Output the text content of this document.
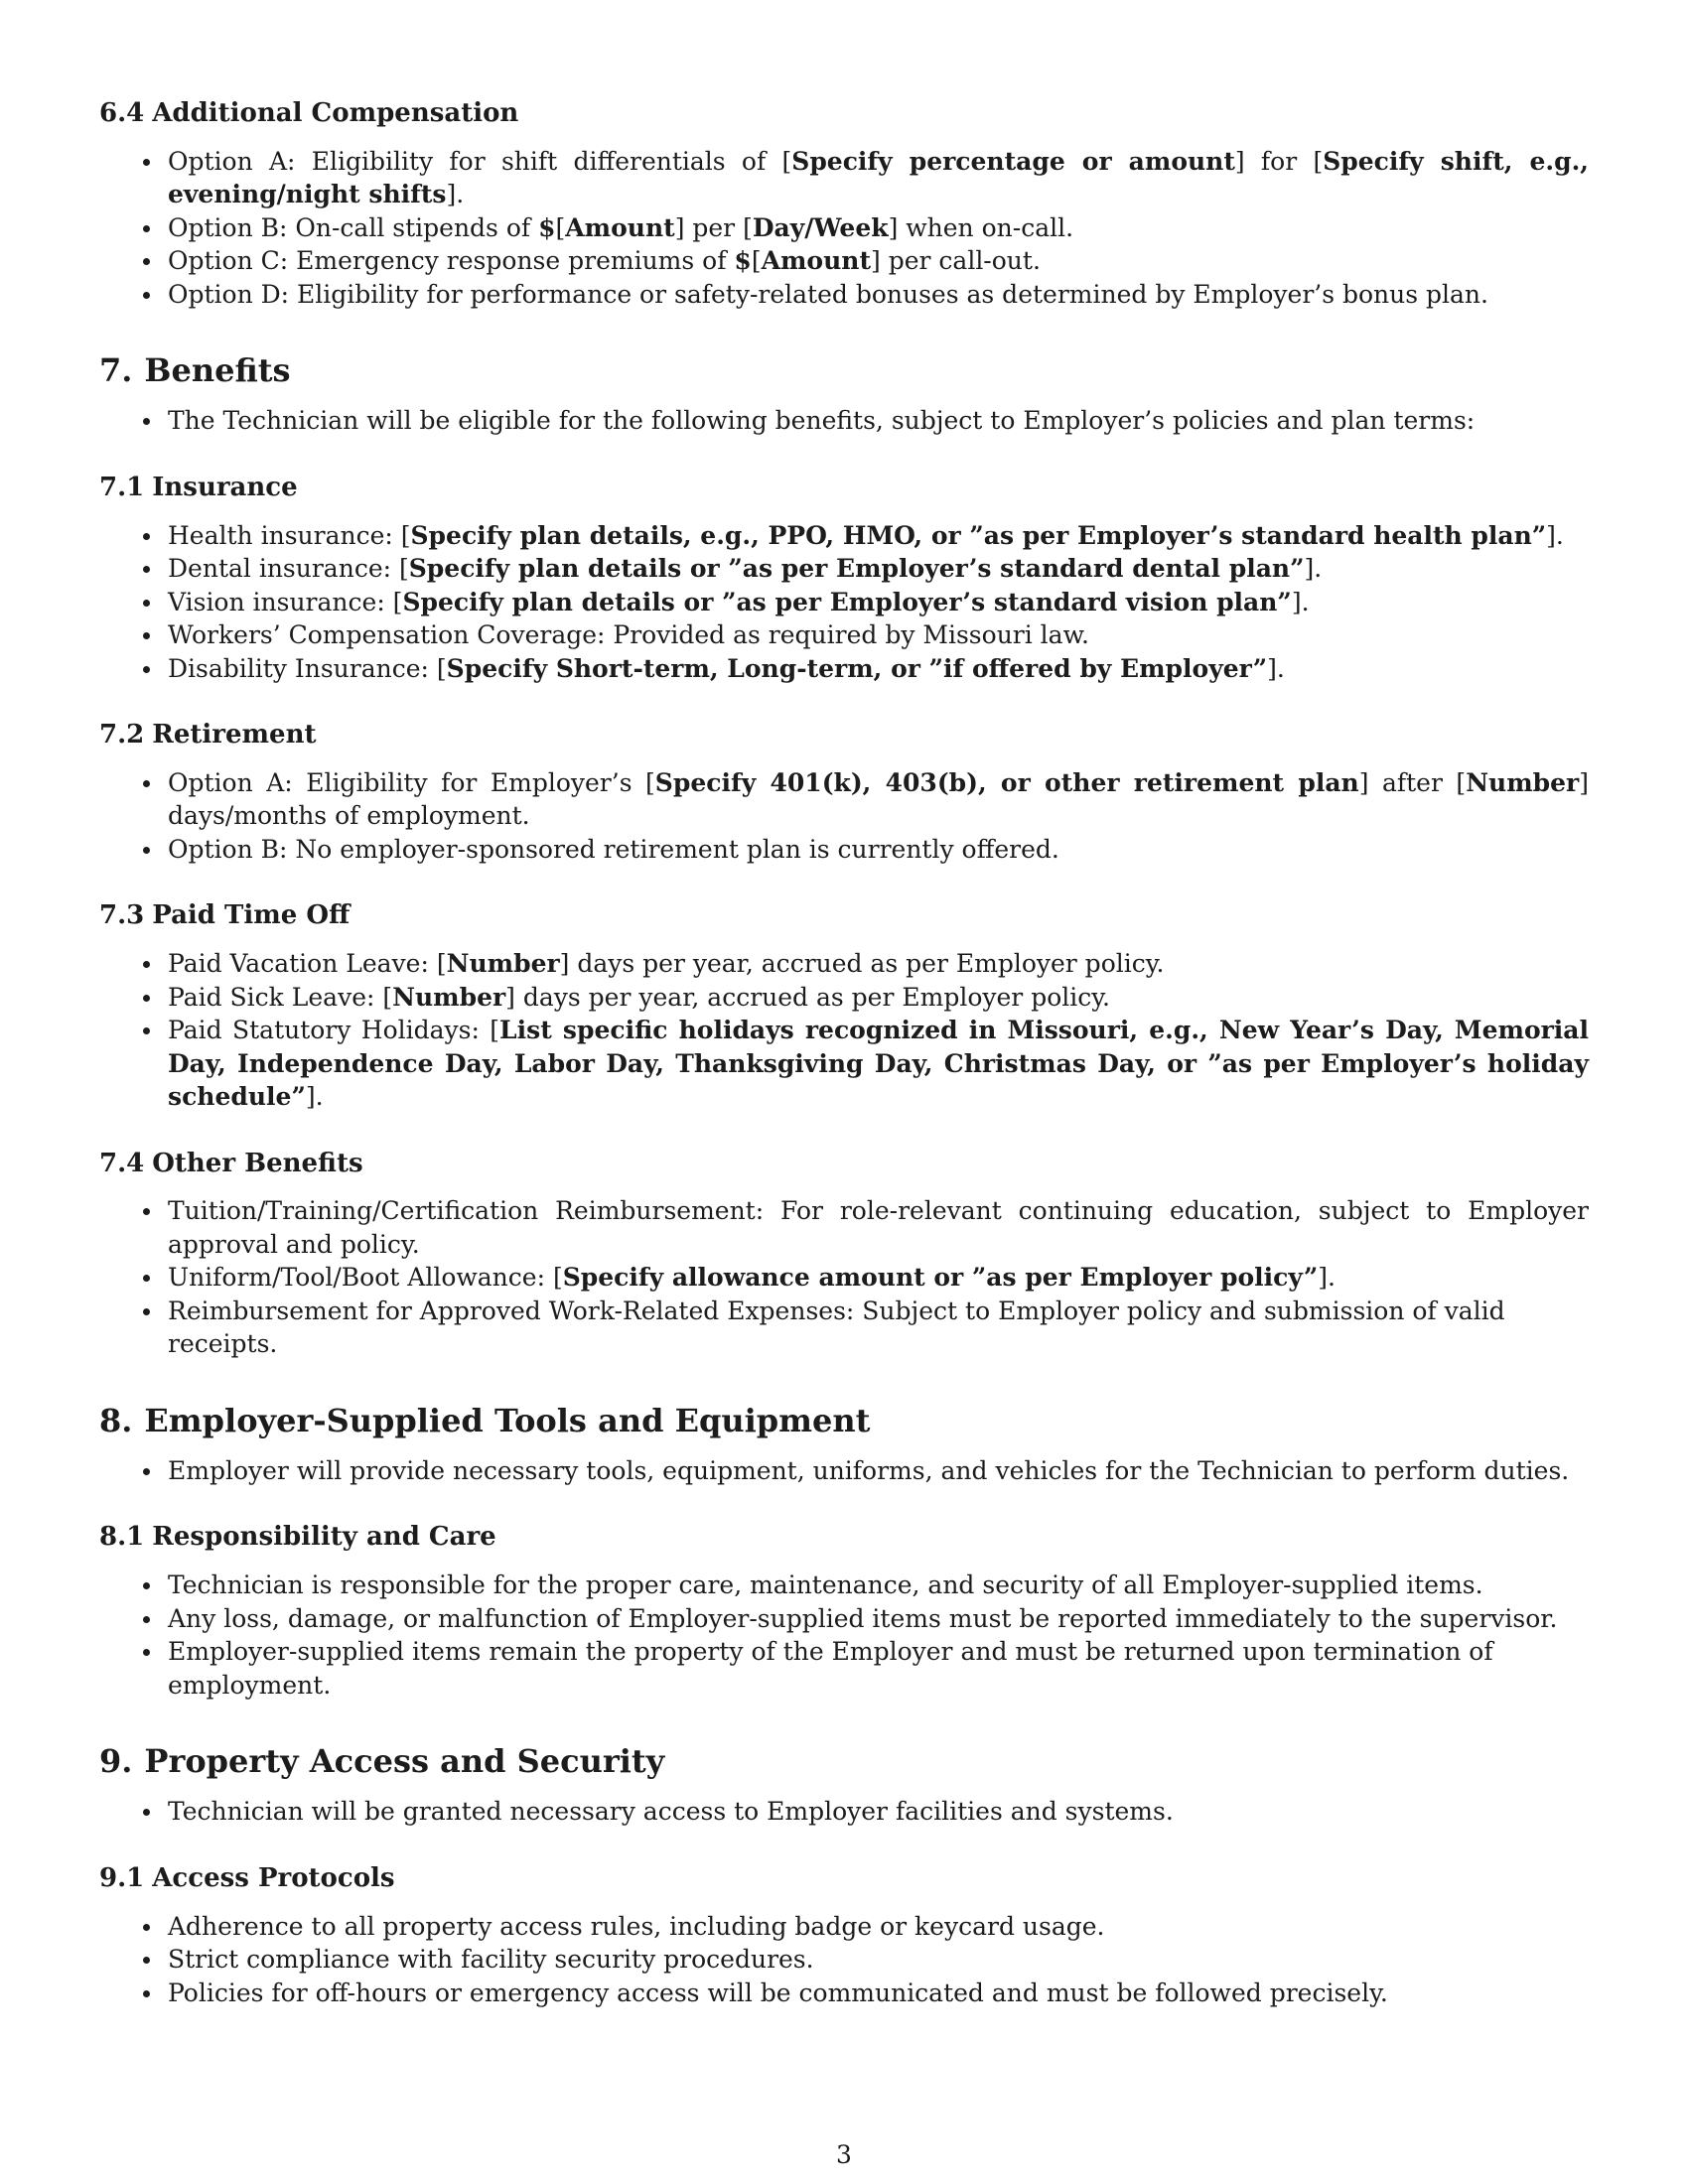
6.4 Additional Compensation
Option A: Eligibility for shift differentials of [Specify percentage or amount] for [Specify shift, e.g., evening/night shifts].
Option B: On-call stipends of $[Amount] per [Day/Week] when on-call.
Option C: Emergency response premiums of $[Amount] per call-out.
Option D: Eligibility for performance or safety-related bonuses as determined by Employer’s bonus plan.
7. Benefits
The Technician will be eligible for the following benefits, subject to Employer’s policies and plan terms:
7.1 Insurance
Health insurance: [Specify plan details, e.g., PPO, HMO, or ”as per Employer’s standard health plan”].
Dental insurance: [Specify plan details or ”as per Employer’s standard dental plan”].
Vision insurance: [Specify plan details or ”as per Employer’s standard vision plan”].
Workers’ Compensation Coverage: Provided as required by Missouri law.
Disability Insurance: [Specify Short-term, Long-term, or ”if offered by Employer”].
7.2 Retirement
Option A: Eligibility for Employer’s [Specify 401(k), 403(b), or other retirement plan] after [Number] days/months of employment.
Option B: No employer-sponsored retirement plan is currently offered.
7.3 Paid Time Off
Paid Vacation Leave: [Number] days per year, accrued as per Employer policy.
Paid Sick Leave: [Number] days per year, accrued as per Employer policy.
Paid Statutory Holidays: [List specific holidays recognized in Missouri, e.g., New Year’s Day, Memorial Day, Independence Day, Labor Day, Thanksgiving Day, Christmas Day, or ”as per Employer’s holiday schedule”].
7.4 Other Benefits
Tuition/Training/Certification Reimbursement: For role-relevant continuing education, subject to Employer approval and policy.
Uniform/Tool/Boot Allowance: [Specify allowance amount or ”as per Employer policy”].
Reimbursement for Approved Work-Related Expenses: Subject to Employer policy and submission of valid receipts.
8. Employer-Supplied Tools and Equipment
Employer will provide necessary tools, equipment, uniforms, and vehicles for the Technician to perform duties.
8.1 Responsibility and Care
Technician is responsible for the proper care, maintenance, and security of all Employer-supplied items.
Any loss, damage, or malfunction of Employer-supplied items must be reported immediately to the supervisor.
Employer-supplied items remain the property of the Employer and must be returned upon termination of employment.
9. Property Access and Security
Technician will be granted necessary access to Employer facilities and systems.
9.1 Access Protocols
Adherence to all property access rules, including badge or keycard usage.
Strict compliance with facility security procedures.
Policies for off-hours or emergency access will be communicated and must be followed precisely.
3
